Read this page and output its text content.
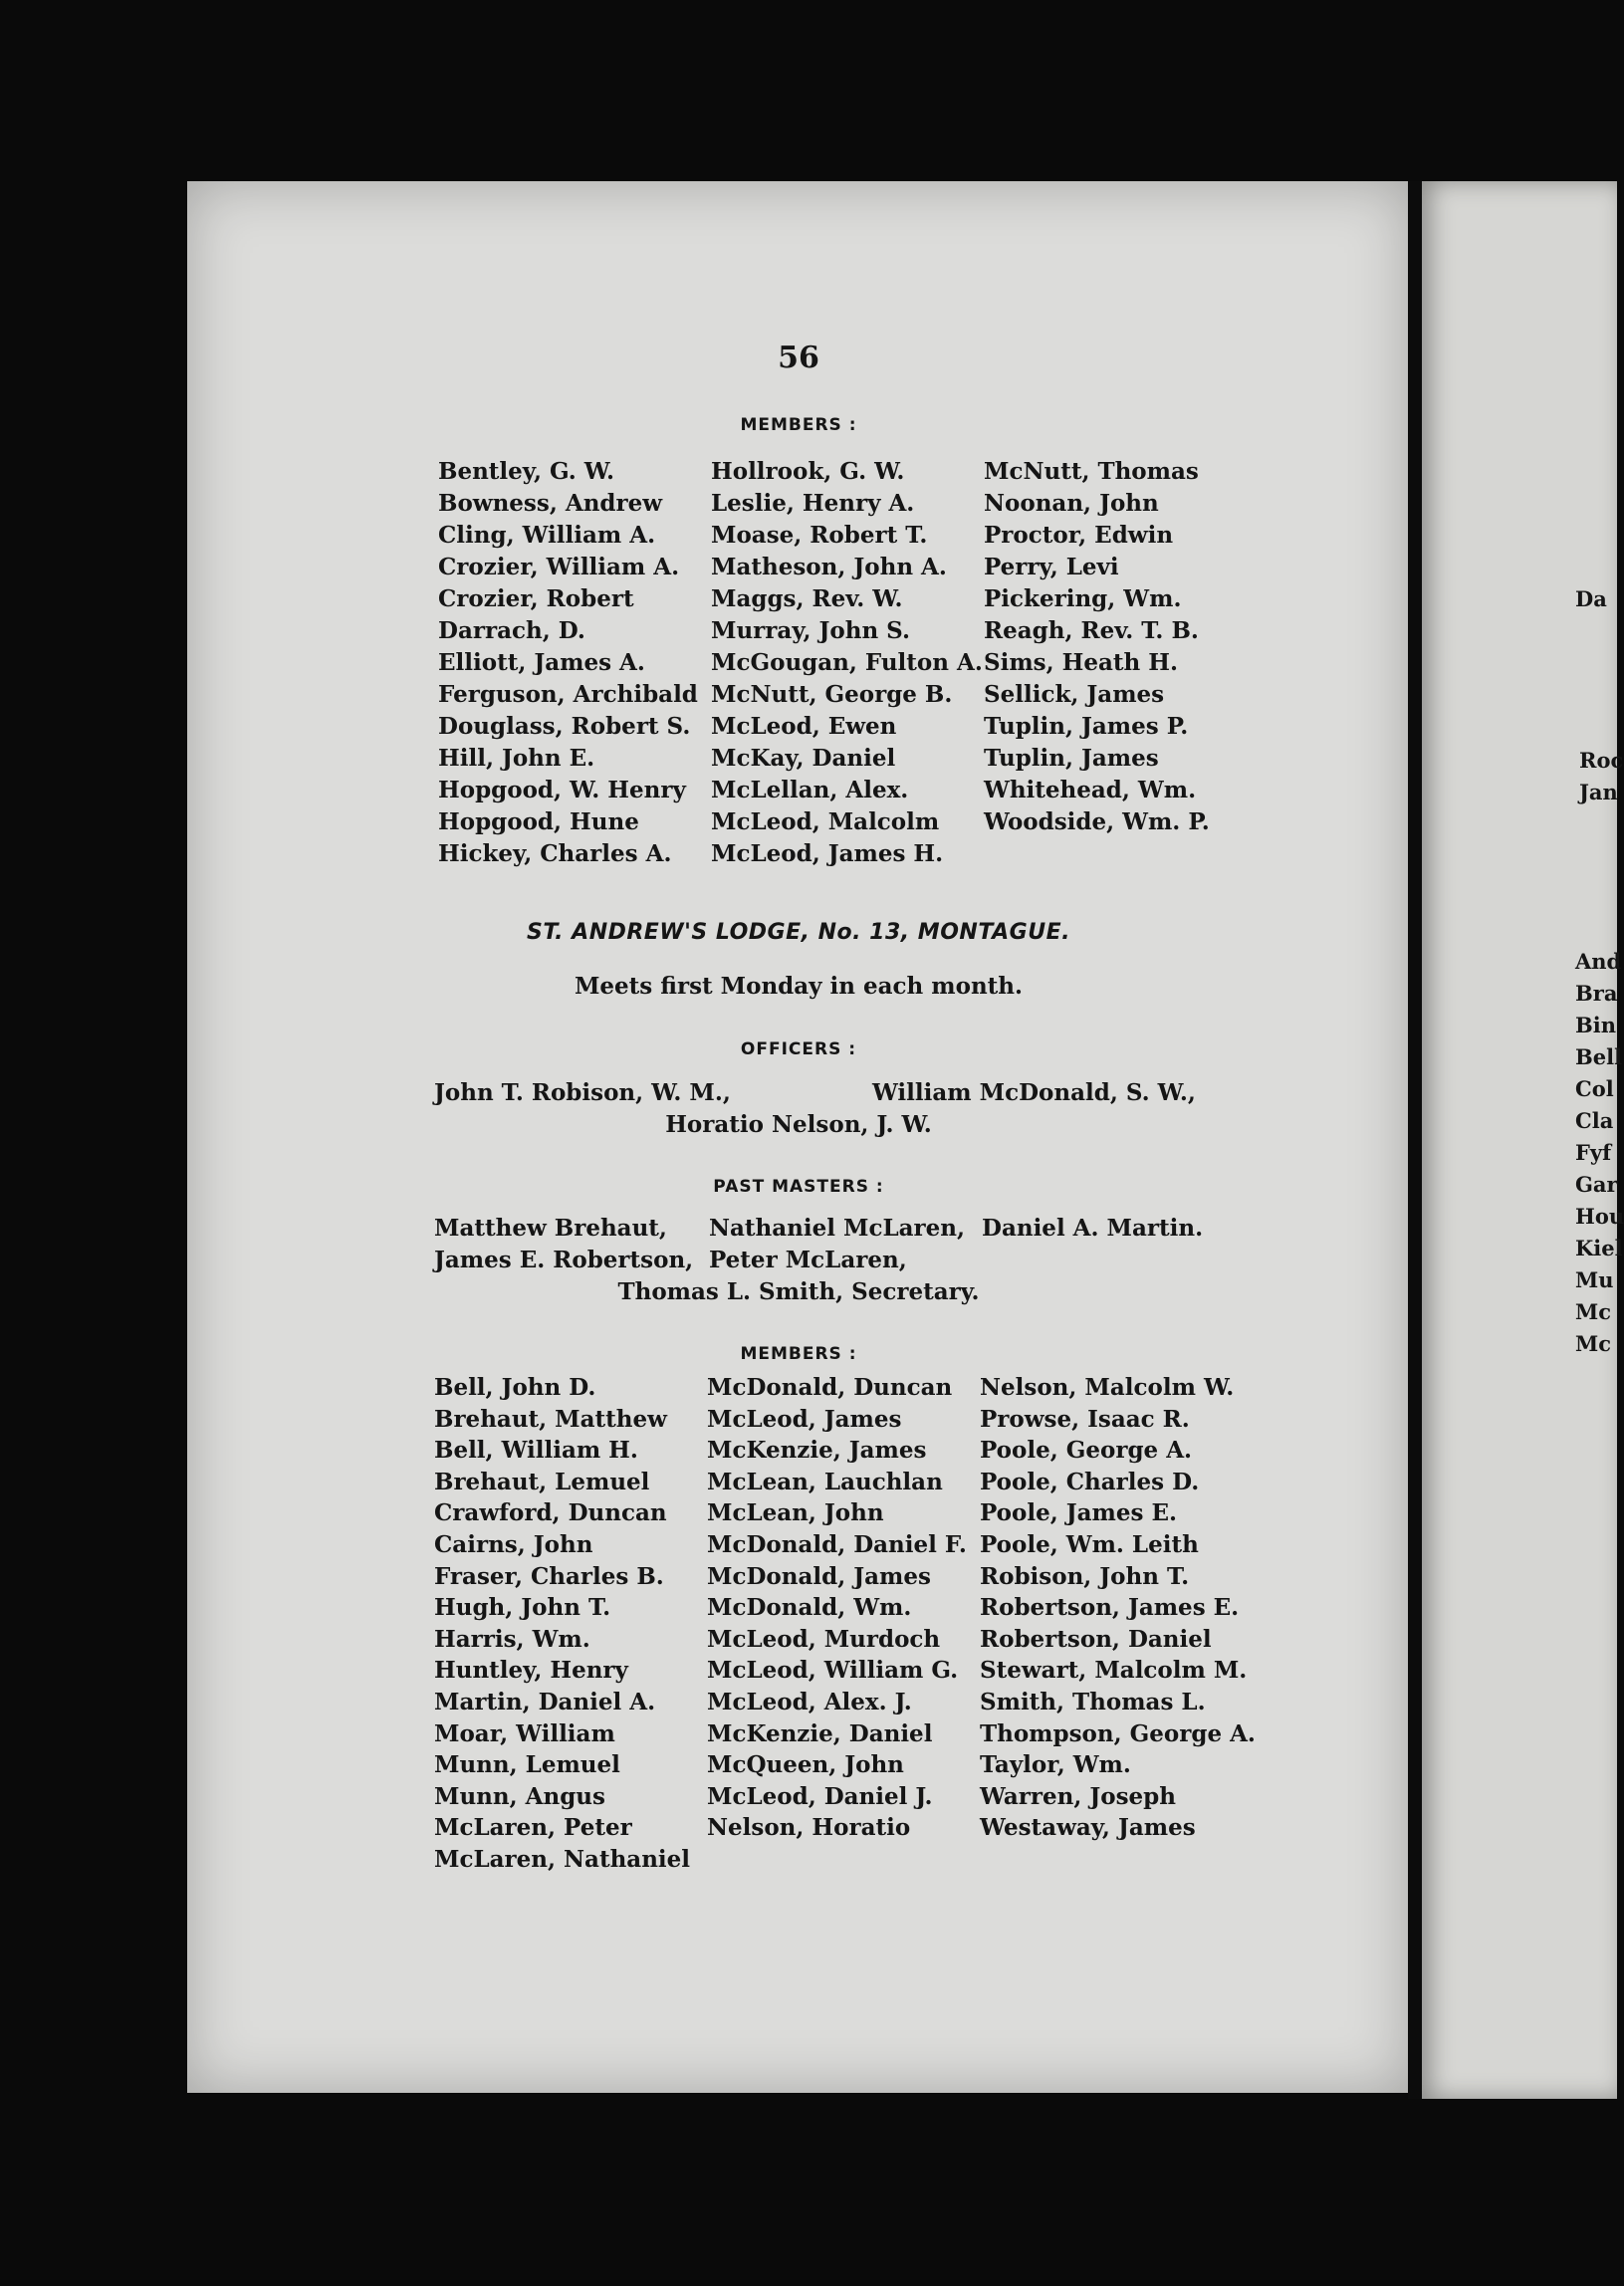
56
MEMBERS :
Bentley, G. W.
Bowness, Andrew
Cling, William A.
Crozier, William A.
Crozier, Robert
Darrach, D.
Elliott, James A.
Ferguson, Archibald
Douglass, Robert S.
Hill, John E.
Hopgood, W. Henry
Hopgood, Hune
Hickey, Charles A.
Hollrook, G. W.
Leslie, Henry A.
Moase, Robert T.
Matheson, John A.
Maggs, Rev. W.
Murray, John S.
McGougan, Fulton A.
McNutt, George B.
McLeod, Ewen
McKay, Daniel
McLellan, Alex.
McLeod, Malcolm
McLeod, James H.
McNutt, Thomas
Noonan, John
Proctor, Edwin
Perry, Levi
Pickering, Wm.
Reagh, Rev. T. B.
Sims, Heath H.
Sellick, James
Tuplin, James P.
Tuplin, James
Whitehead, Wm.
Woodside, Wm. P.
ST. ANDREW'S LODGE, No. 13, MONTAGUE.
Meets first Monday in each month.
OFFICERS :
John T. Robison, W. M.,	William McDonald, S. W.,
Horatio Nelson, J. W.
PAST MASTERS :
Matthew Brehaut, Nathaniel McLaren, Daniel A. Martin.
James E. Robertson, Peter McLaren,
Thomas L. Smith, Secretary.
MEMBERS :
Bell, John D.
Brehaut, Matthew
Bell, William H.
Brehaut, Lemuel
Crawford, Duncan
Cairns, John
Fraser, Charles B.
Hugh, John T.
Harris, Wm.
Huntley, Henry
Martin, Daniel A.
Moar, William
Munn, Lemuel
Munn, Angus
McLaren, Peter
McLaren, Nathaniel
McDonald, Duncan
McLeod, James
McKenzie, James
McLean, Lauchlan
McLean, John
McDonald, Daniel F.
McDonald, James
McDonald, Wm.
McLeod, Murdoch
McLeod, William G.
McLeod, Alex. J.
McKenzie, Daniel
McQueen, John
McLeod, Daniel J.
Nelson, Horatio
Nelson, Malcolm W.
Prowse, Isaac R.
Poole, George A.
Poole, Charles D.
Poole, James E.
Poole, Wm. Leith
Robison, John T.
Robertson, James E.
Robertson, Daniel
Stewart, Malcolm M.
Smith, Thomas L.
Thompson, George A.
Taylor, Wm.
Warren, Joseph
Westaway, James
Da
Roc
Jan
And
Bra
Bin
Bell
Col
Cla
Fyf
Gar
Hou
Kiel
Mu
Mc
Mc
